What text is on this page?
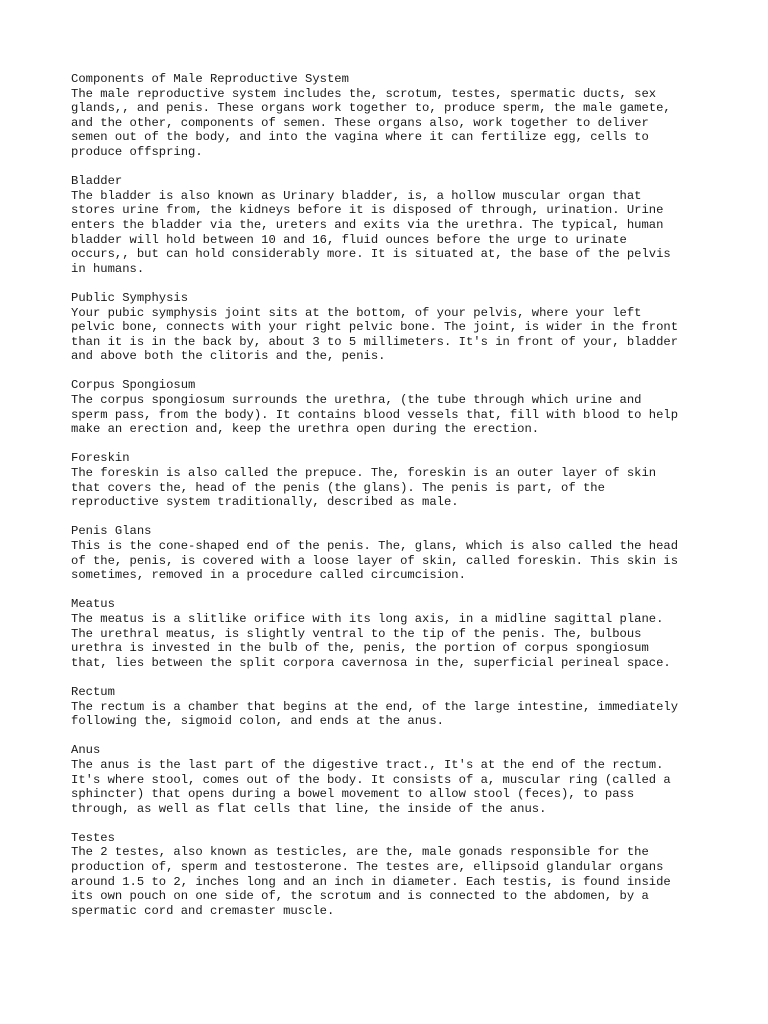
Components of Male Reproductive System
The male reproductive system includes the, scrotum, testes, spermatic ducts, sex
glands,, and penis. These organs work together to, produce sperm, the male gamete,
and the other, components of semen. These organs also, work together to deliver
semen out of the body, and into the vagina where it can fertilize egg, cells to
produce offspring.
Bladder
The bladder is also known as Urinary bladder, is, a hollow muscular organ that
stores urine from, the kidneys before it is disposed of through, urination. Urine
enters the bladder via the, ureters and exits via the urethra. The typical, human
bladder will hold between 10 and 16, fluid ounces before the urge to urinate
occurs,, but can hold considerably more. It is situated at, the base of the pelvis
in humans.
Public Symphysis
Your pubic symphysis joint sits at the bottom, of your pelvis, where your left
pelvic bone, connects with your right pelvic bone. The joint, is wider in the front
than it is in the back by, about 3 to 5 millimeters. It's in front of your, bladder
and above both the clitoris and the, penis.
Corpus Spongiosum
The corpus spongiosum surrounds the urethra, (the tube through which urine and
sperm pass, from the body). It contains blood vessels that, fill with blood to help
make an erection and, keep the urethra open during the erection.
Foreskin
The foreskin is also called the prepuce. The, foreskin is an outer layer of skin
that covers the, head of the penis (the glans). The penis is part, of the
reproductive system traditionally, described as male.
Penis Glans
This is the cone-shaped end of the penis. The, glans, which is also called the head
of the, penis, is covered with a loose layer of skin, called foreskin. This skin is
sometimes, removed in a procedure called circumcision.
Meatus
The meatus is a slitlike orifice with its long axis, in a midline sagittal plane.
The urethral meatus, is slightly ventral to the tip of the penis. The, bulbous
urethra is invested in the bulb of the, penis, the portion of corpus spongiosum
that, lies between the split corpora cavernosa in the, superficial perineal space.
Rectum
The rectum is a chamber that begins at the end, of the large intestine, immediately
following the, sigmoid colon, and ends at the anus.
Anus
The anus is the last part of the digestive tract., It's at the end of the rectum.
It's where stool, comes out of the body. It consists of a, muscular ring (called a
sphincter) that opens during a bowel movement to allow stool (feces), to pass
through, as well as flat cells that line, the inside of the anus.
Testes
The 2 testes, also known as testicles, are the, male gonads responsible for the
production of, sperm and testosterone. The testes are, ellipsoid glandular organs
around 1.5 to 2, inches long and an inch in diameter. Each testis, is found inside
its own pouch on one side of, the scrotum and is connected to the abdomen, by a
spermatic cord and cremaster muscle.
